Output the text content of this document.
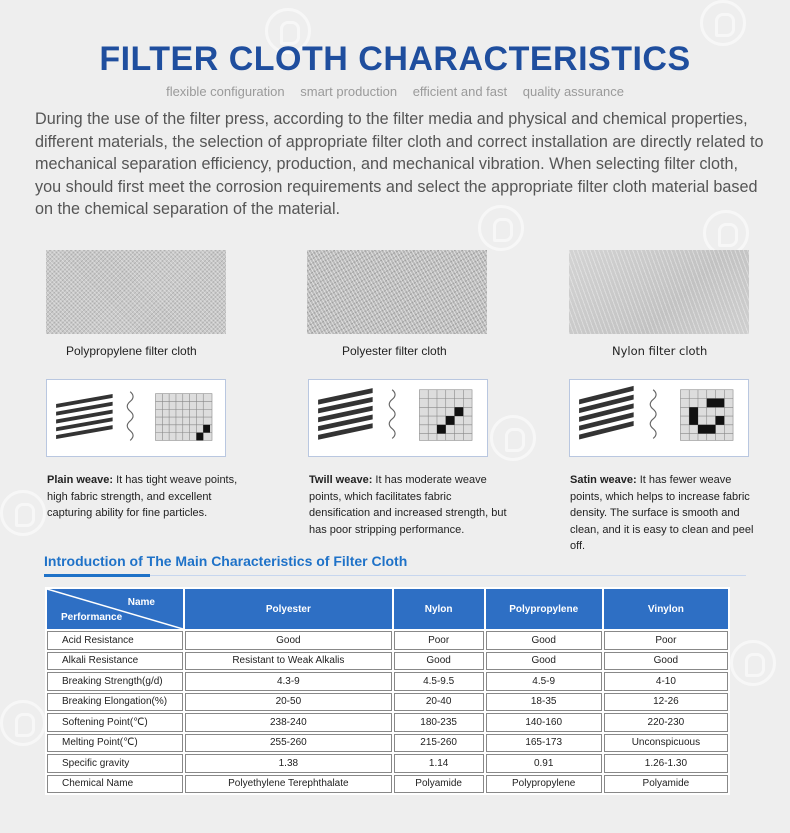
FILTER CLOTH CHARACTERISTICS
flexible configuration smart production efficient and fast quality assurance

During the use of the filter press, according to the filter media and physical and chemical properties, different materials, the selection of appropriate filter cloth and correct installation are directly related to mechanical separation efficiency, production, and mechanical vibration. When selecting filter cloth, you should first meet the corrosion requirements and select the appropriate filter cloth material based on the chemical separation of the material.

Polypropylene filter cloth	Polyester filter cloth	Nylon filter cloth
Plain weave: It has tight weave points, high fabric strength, and excellent capturing ability for fine particles.
Twill weave: It has moderate weave points, which facilitates fabric densification and increased strength, but has poor stripping performance.
Satin weave: It has fewer weave points, which helps to increase fabric density. The surface is smooth and clean, and it is easy to clean and peel off.
Introduction of The Main Characteristics of Filter Cloth
Name
Performance	Polyester	Nylon	Polypropylene	Vinylon
Acid Resistance	Good	Poor	Good	Poor
Alkali Resistance	Resistant to Weak Alkalis	Good	Good	Good
Breaking Strength(g/d)	4.3-9	4.5-9.5	4.5-9	4-10
Breaking Elongation(%)	20-50	20-40	18-35	12-26
Softening Point(℃)	238-240	180-235	140-160	220-230
Melting Point(℃)	255-260	215-260	165-173	Unconspicuous
Specific gravity	1.38	1.14	0.91	1.26-1.30
Chemical Name	Polyethylene Terephthalate	Polyamide	Polypropylene	Polyamide
